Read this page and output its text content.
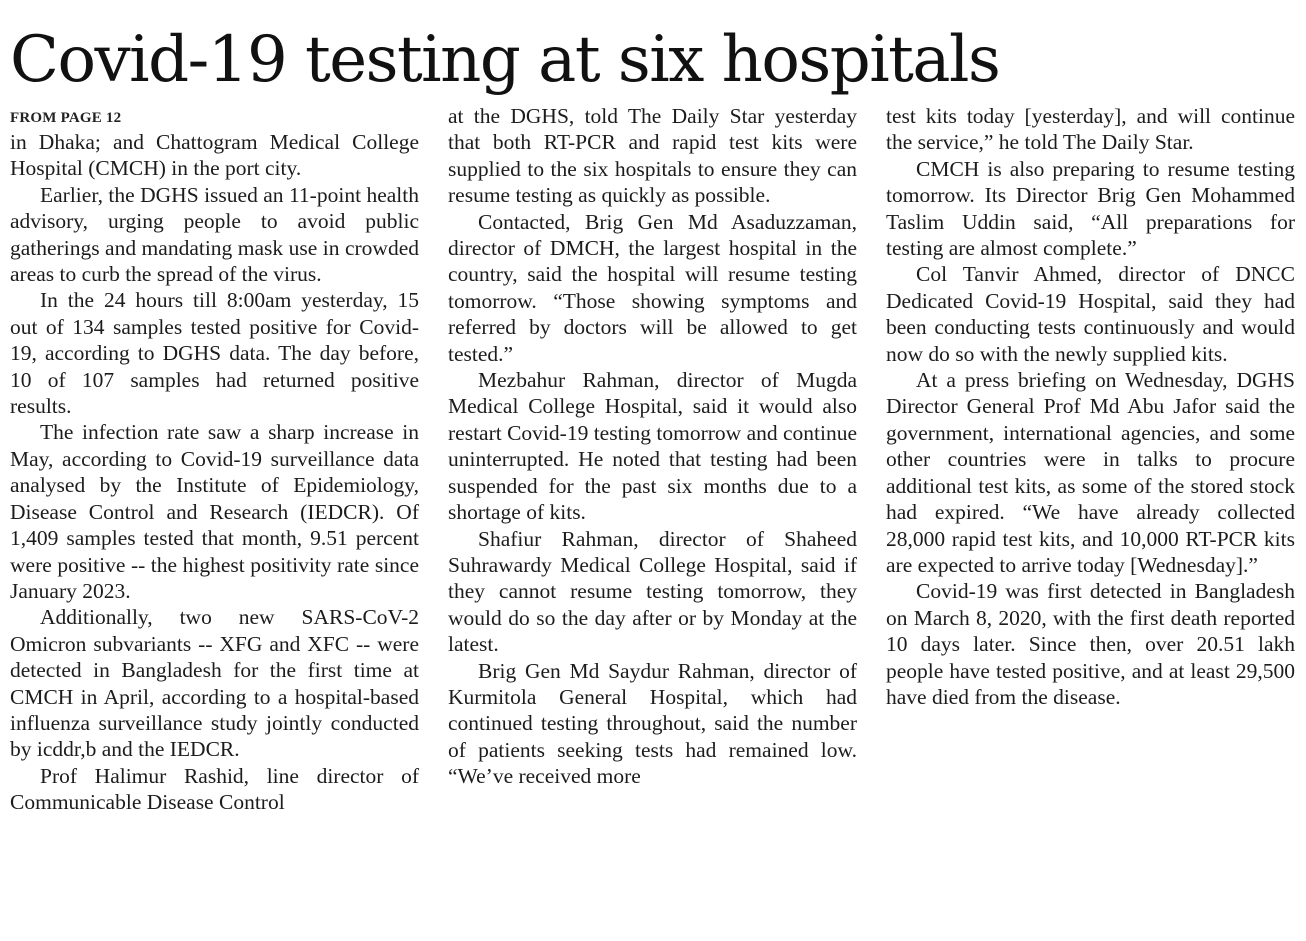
Covid-19 testing at six hospitals
FROM PAGE 12

in Dhaka; and Chattogram Medical College Hospital (CMCH) in the port city.

Earlier, the DGHS issued an 11-point health advisory, urging people to avoid public gatherings and mandating mask use in crowded areas to curb the spread of the virus.

In the 24 hours till 8:00am yesterday, 15 out of 134 samples tested positive for Covid-19, according to DGHS data. The day before, 10 of 107 samples had returned positive results.

The infection rate saw a sharp increase in May, according to Covid-19 surveillance data analysed by the Institute of Epidemiology, Disease Control and Research (IEDCR). Of 1,409 samples tested that month, 9.51 percent were positive -- the highest positivity rate since January 2023.

Additionally, two new SARS-CoV-2 Omicron subvariants -- XFG and XFC -- were detected in Bangladesh for the first time at CMCH in April, according to a hospital-based influenza surveillance study jointly conducted by icddr,b and the IEDCR.

Prof Halimur Rashid, line director of Communicable Disease Control

at the DGHS, told The Daily Star yesterday that both RT-PCR and rapid test kits were supplied to the six hospitals to ensure they can resume testing as quickly as possible.

Contacted, Brig Gen Md Asaduzzaman, director of DMCH, the largest hospital in the country, said the hospital will resume testing tomorrow. “Those showing symptoms and referred by doctors will be allowed to get tested.”

Mezbahur Rahman, director of Mugda Medical College Hospital, said it would also restart Covid-19 testing tomorrow and continue uninterrupted. He noted that testing had been suspended for the past six months due to a shortage of kits.

Shafiur Rahman, director of Shaheed Suhrawardy Medical College Hospital, said if they cannot resume testing tomorrow, they would do so the day after or by Monday at the latest.

Brig Gen Md Saydur Rahman, director of Kurmitola General Hospital, which had continued testing throughout, said the number of patients seeking tests had remained low. “We’ve received more

test kits today [yesterday], and will continue the service,” he told The Daily Star.

CMCH is also preparing to resume testing tomorrow. Its Director Brig Gen Mohammed Taslim Uddin said, “All preparations for testing are almost complete.”

Col Tanvir Ahmed, director of DNCC Dedicated Covid-19 Hospital, said they had been conducting tests continuously and would now do so with the newly supplied kits.

At a press briefing on Wednesday, DGHS Director General Prof Md Abu Jafor said the government, international agencies, and some other countries were in talks to procure additional test kits, as some of the stored stock had expired. “We have already collected 28,000 rapid test kits, and 10,000 RT-PCR kits are expected to arrive today [Wednesday].”

Covid-19 was first detected in Bangladesh on March 8, 2020, with the first death reported 10 days later. Since then, over 20.51 lakh people have tested positive, and at least 29,500 have died from the disease.
